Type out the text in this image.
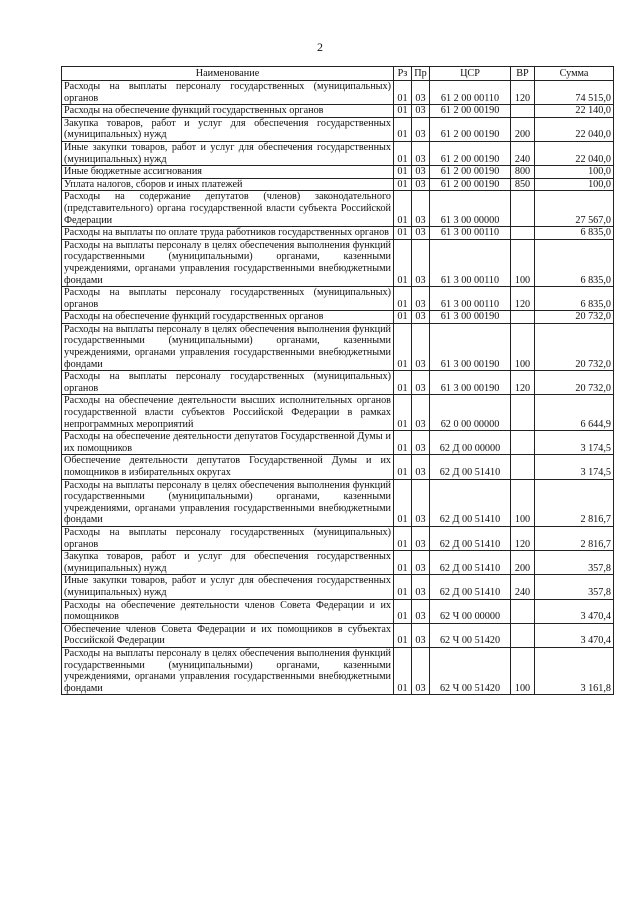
2
Наименование	Рз	Пр	ЦСР	ВР	Сумма
Расходы на выплаты персоналу государственных (муниципальных) органов	01	03	61 2 00 00110	120	74 515,0
Расходы на обеспечение функций государственных органов	01	03	61 2 00 00190		22 140,0
Закупка товаров, работ и услуг для обеспечения государственных (муниципальных) нужд	01	03	61 2 00 00190	200	22 040,0
Иные закупки товаров, работ и услуг для обеспечения государственных (муниципальных) нужд	01	03	61 2 00 00190	240	22 040,0
Иные бюджетные ассигнования	01	03	61 2 00 00190	800	100,0
Уплата налогов, сборов и иных платежей	01	03	61 2 00 00190	850	100,0
Расходы на содержание депутатов (членов) законодательного (представительного) органа государственной власти субъекта Российской Федерации	01	03	61 3 00 00000		27 567,0
Расходы на выплаты по оплате труда работников государственных органов	01	03	61 3 00 00110		6 835,0
Расходы на выплаты персоналу в целях обеспечения выполнения функций государственными (муниципальными) органами, казенными учреждениями, органами управления государственными внебюджетными фондами	01	03	61 3 00 00110	100	6 835,0
Расходы на выплаты персоналу государственных (муниципальных) органов	01	03	61 3 00 00110	120	6 835,0
Расходы на обеспечение функций государственных органов	01	03	61 3 00 00190		20 732,0
Расходы на выплаты персоналу в целях обеспечения выполнения функций государственными (муниципальными) органами, казенными учреждениями, органами управления государственными внебюджетными фондами	01	03	61 3 00 00190	100	20 732,0
Расходы на выплаты персоналу государственных (муниципальных) органов	01	03	61 3 00 00190	120	20 732,0
Расходы на обеспечение деятельности высших исполнительных органов государственной власти субъектов Российской Федерации в рамках непрограммных мероприятий	01	03	62 0 00 00000		6 644,9
Расходы на обеспечение деятельности депутатов Государственной Думы и их помощников	01	03	62 Д 00 00000		3 174,5
Обеспечение деятельности депутатов Государственной Думы и их помощников в избирательных округах	01	03	62 Д 00 51410		3 174,5
Расходы на выплаты персоналу в целях обеспечения выполнения функций государственными (муниципальными) органами, казенными учреждениями, органами управления государственными внебюджетными фондами	01	03	62 Д 00 51410	100	2 816,7
Расходы на выплаты персоналу государственных (муниципальных) органов	01	03	62 Д 00 51410	120	2 816,7
Закупка товаров, работ и услуг для обеспечения государственных (муниципальных) нужд	01	03	62 Д 00 51410	200	357,8
Иные закупки товаров, работ и услуг для обеспечения государственных (муниципальных) нужд	01	03	62 Д 00 51410	240	357,8
Расходы на обеспечение деятельности членов Совета Федерации и их помощников	01	03	62 Ч 00 00000		3 470,4
Обеспечение членов Совета Федерации и их помощников в субъектах Российской Федерации	01	03	62 Ч 00 51420		3 470,4
Расходы на выплаты персоналу в целях обеспечения выполнения функций государственными (муниципальными) органами, казенными учреждениями, органами управления государственными внебюджетными фондами	01	03	62 Ч 00 51420	100	3 161,8
